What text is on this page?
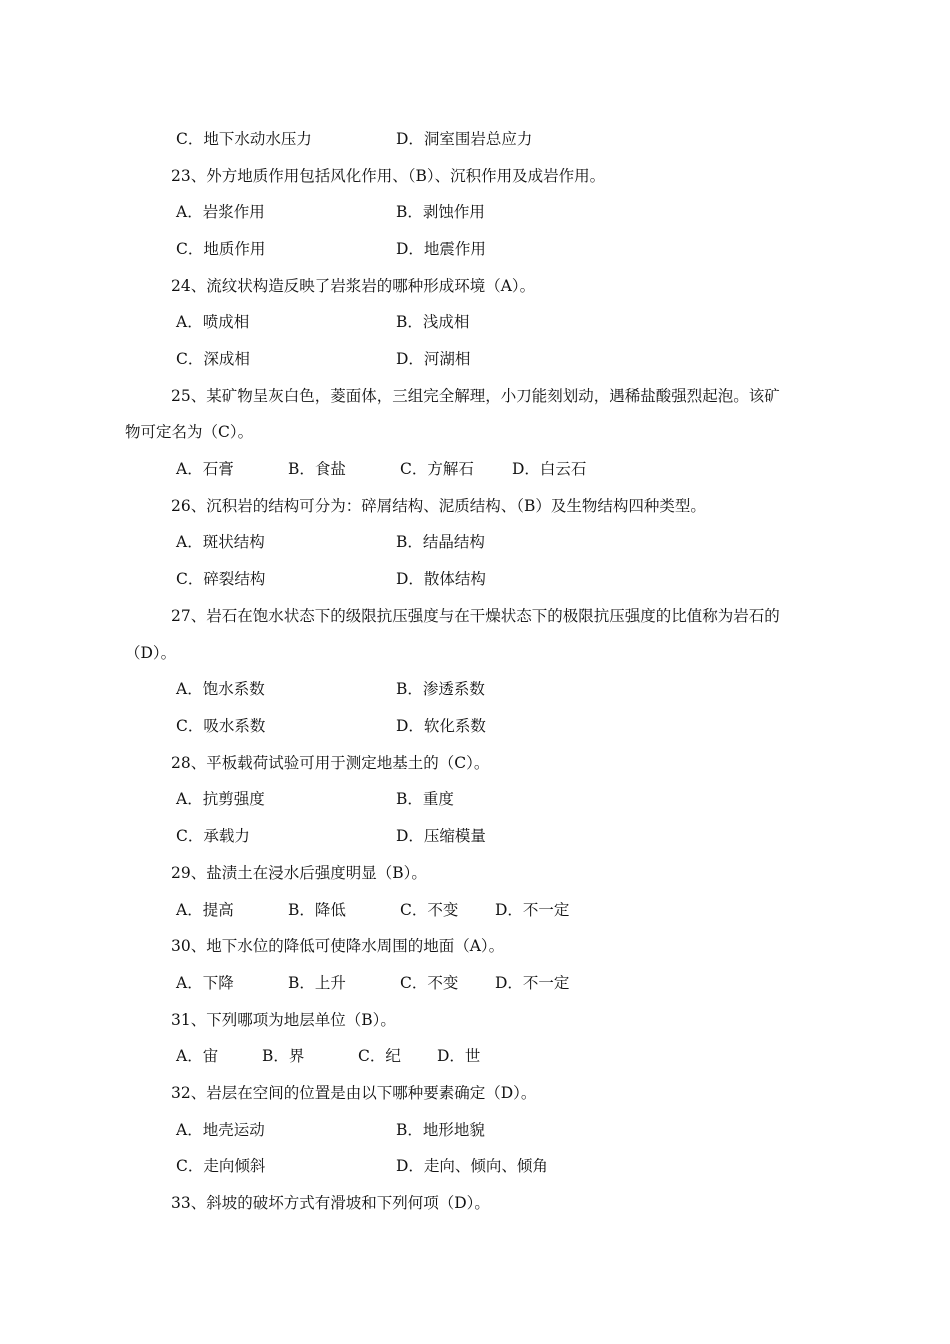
C．地下水动水压力	D．洞室围岩总应力
23、外方地质作用包括风化作用、（B）、沉积作用及成岩作用。
A．岩浆作用	B．剥蚀作用
C．地质作用	D．地震作用
24、流纹状构造反映了岩浆岩的哪种形成环境（A）。
A．喷成相	B．浅成相
C．深成相	D．河湖相
25、某矿物呈灰白色，菱面体，三组完全解理，小刀能刻划动，遇稀盐酸强烈起泡。该矿
物可定名为（C）。
A．石膏	B．食盐	C．方解石 D．白云石
26、沉积岩的结构可分为：碎屑结构、泥质结构、（B）及生物结构四种类型。
A．斑状结构	B．结晶结构
C．碎裂结构	D．散体结构
27、岩石在饱水状态下的级限抗压强度与在干燥状态下的极限抗压强度的比值称为岩石的
（D）。
A．饱水系数	B．渗透系数
C．吸水系数	D．软化系数
28、平板载荷试验可用于测定地基土的（C）。
A．抗剪强度	B．重度
C．承载力	D．压缩模量
29、盐渍土在浸水后强度明显（B）。
A．提高	B．降低	C．不变 D．不一定
30、地下水位的降低可使降水周围的地面（A）。
A．下降	B．上升	C．不变 D．不一定
31、下列哪项为地层单位（B）。
A．宙	B．界	C．纪 D．世
32、岩层在空间的位置是由以下哪种要素确定（D）。
A．地壳运动	B．地形地貌
C．走向倾斜	D．走向、倾向、倾角
33、斜坡的破坏方式有滑坡和下列何项（D）。
